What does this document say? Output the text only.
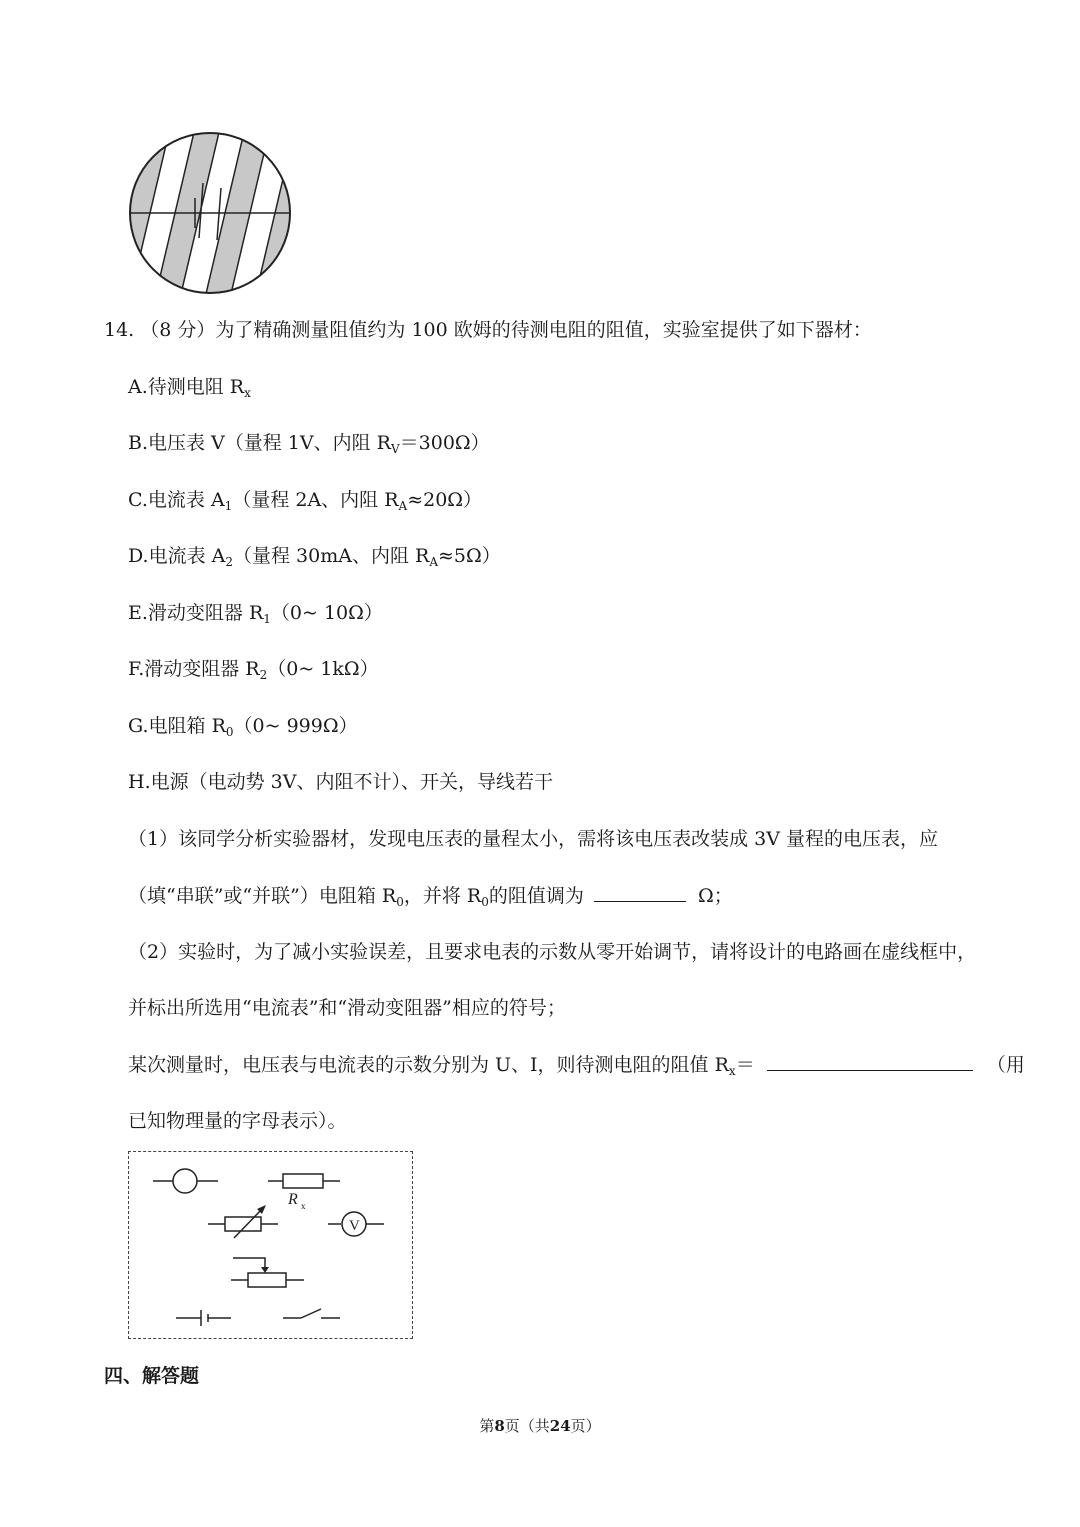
14. （8 分）为了精确测量阻值约为 100 欧姆的待测电阻的阻值，实验室提供了如下器材：
A.待测电阻 $R_x$
B.电压表 V（量程 1V、内阻 $R_V=300\Omega$）
C.电流表 $A_1$（量程 2A、内阻 $R_A\approx 20\Omega$）
D.电流表 $A_2$（量程 30mA、内阻 $R_A\approx 5\Omega$）
E.滑动变阻器 $R_1(0\sim$ 10Ω）
F.滑动变阻器 $R_2(0\sim$ 1kΩ）
G.电阻箱 $R_0(0\sim$ 999Ω）
H.电源（电动势 3V、内阻不计）、开关，导线若干
（1）该同学分析实验器材，发现电压表的量程太小，需将该电压表改装成 3V 量程的电压表，应
（填“串联”或“并联”）电阻箱 $R_0$，并将 $R_0$的阻值调为	Ω；
（2）实验时，为了减小实验误差，且要求电表的示数从零开始调节，请将设计的电路画在虚线框中，
并标出所选用“电流表”和“滑动变阻器”相应的符号；
某次测量时，电压表与电流表的示数分别为 U、I，则待测电阻的阻值 $R_x=$	（用
已知物理量的字母表示）。
R x
V
四、解答题
第8页（共24页）
